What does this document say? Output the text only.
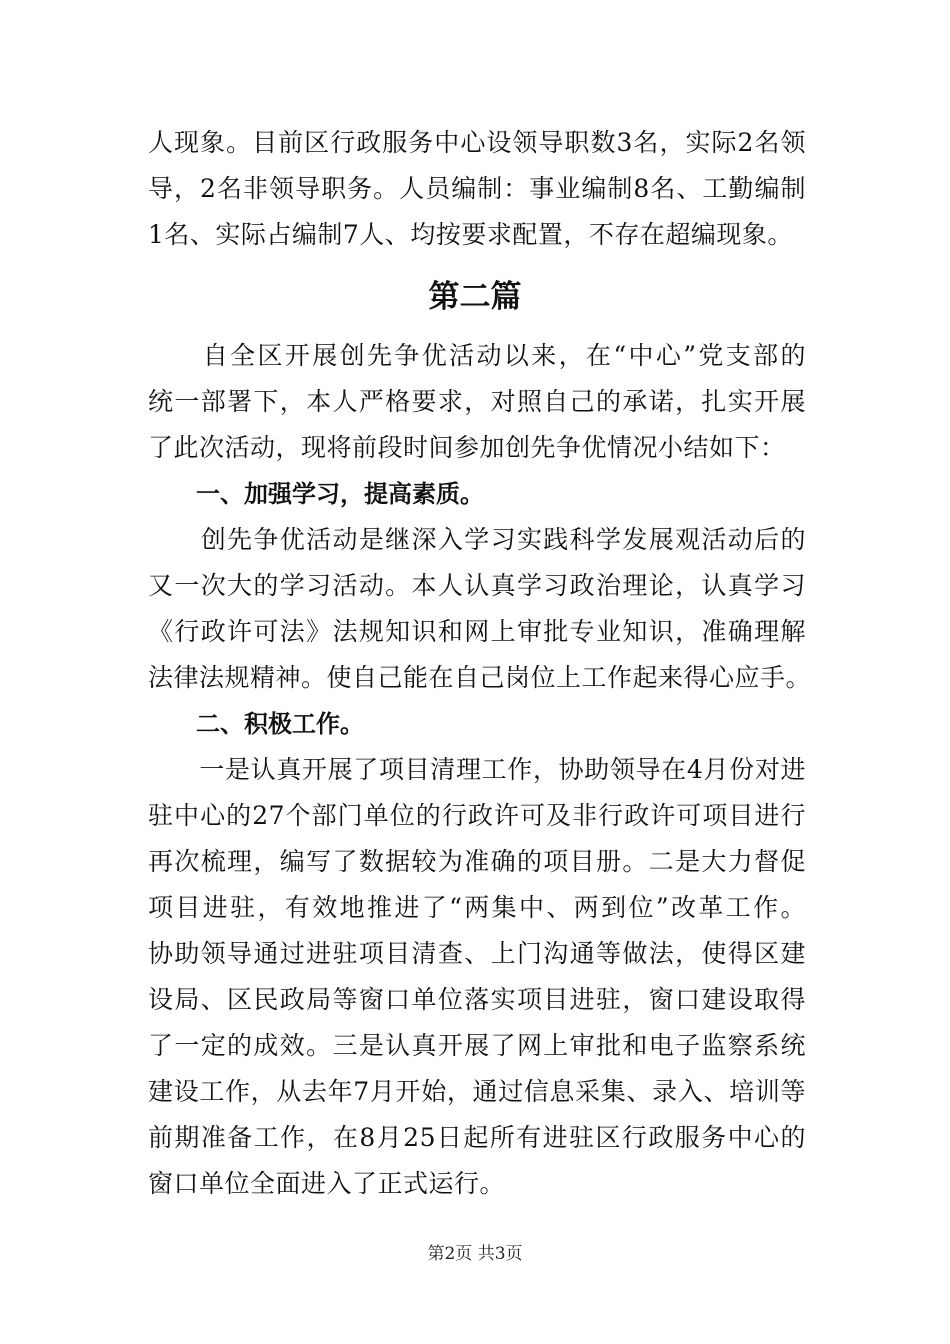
人现象。目前区行政服务中心设领导职数3名，实际2名领
导，2名非领导职务。人员编制：事业编制8名、工勤编制
1名、实际占编制7人、均按要求配置，不存在超编现象。
第二篇
　　自全区开展创先争优活动以来，在“中心”党支部的
统一部署下，本人严格要求，对照自己的承诺，扎实开展
了此次活动，现将前段时间参加创先争优情况小结如下：
一、加强学习，提高素质。
　　创先争优活动是继深入学习实践科学发展观活动后的
又一次大的学习活动。本人认真学习政治理论，认真学习
《行政许可法》法规知识和网上审批专业知识，准确理解
法律法规精神。使自己能在自己岗位上工作起来得心应手。
二、积极工作。
　　一是认真开展了项目清理工作，协助领导在4月份对进
驻中心的27个部门单位的行政许可及非行政许可项目进行
再次梳理，编写了数据较为准确的项目册。二是大力督促
项目进驻，有效地推进了“两集中、两到位”改革工作。
协助领导通过进驻项目清查、上门沟通等做法，使得区建
设局、区民政局等窗口单位落实项目进驻，窗口建设取得
了一定的成效。三是认真开展了网上审批和电子监察系统
建设工作，从去年7月开始，通过信息采集、录入、培训等
前期准备工作，在8月25日起所有进驻区行政服务中心的
窗口单位全面进入了正式运行。
第2页 共3页
